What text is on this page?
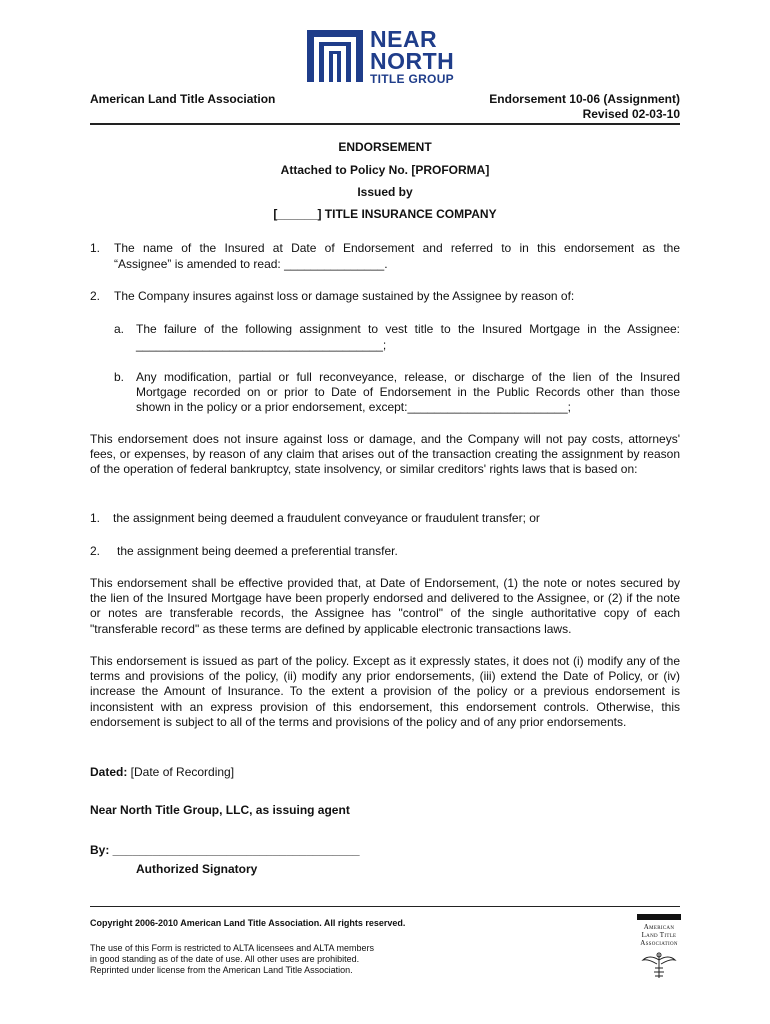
NEAR
NORTH
TITLE GROUP
American Land Title Association	Endorsement 10-06 (Assignment)
Revised 02-03-10
ENDORSEMENT
Attached to Policy No. [PROFORMA]
Issued by
[______] TITLE INSURANCE COMPANY
1. The name of the Insured at Date of Endorsement and referred to in this endorsement as the
“Assignee” is amended to read: _______________.
2. The Company insures against loss or damage sustained by the Assignee by reason of:
a. The failure of the following assignment to vest title to the Insured Mortgage in the Assignee:
_____________________________________;
b. Any modification, partial or full reconveyance, release, or discharge of the lien of the Insured
Mortgage recorded on or prior to Date of Endorsement in the Public Records other than those
shown in the policy or a prior endorsement, except:________________________;
This endorsement does not insure against loss or damage, and the Company will not pay costs, attorneys' fees, or expenses, by reason of any claim that arises out of the transaction creating the assignment by reason of the operation of federal bankruptcy, state insolvency, or similar creditors' rights laws that is based on:
1. the assignment being deemed a fraudulent conveyance or fraudulent transfer; or
2. the assignment being deemed a preferential transfer.
This endorsement shall be effective provided that, at Date of Endorsement, (1) the note or notes secured by the lien of the Insured Mortgage have been properly endorsed and delivered to the Assignee, or (2) if the note or notes are transferable records, the Assignee has "control" of the single authoritative copy of each "transferable record" as these terms are defined by applicable electronic transactions laws.
This endorsement is issued as part of the policy. Except as it expressly states, it does not (i) modify any of the terms and provisions of the policy, (ii) modify any prior endorsements, (iii) extend the Date of Policy, or (iv) increase the Amount of Insurance. To the extent a provision of the policy or a previous endorsement is inconsistent with an express provision of this endorsement, this endorsement controls. Otherwise, this endorsement is subject to all of the terms and provisions of the policy and of any prior endorsements.
Dated: [Date of Recording]
Near North Title Group, LLC, as issuing agent
By: _____________________________________
Authorized Signatory
Copyright 2006-2010 American Land Title Association. All rights reserved.
The use of this Form is restricted to ALTA licensees and ALTA members
in good standing as of the date of use. All other uses are prohibited.
Reprinted under license from the American Land Title Association.
American
Land Title
Association
